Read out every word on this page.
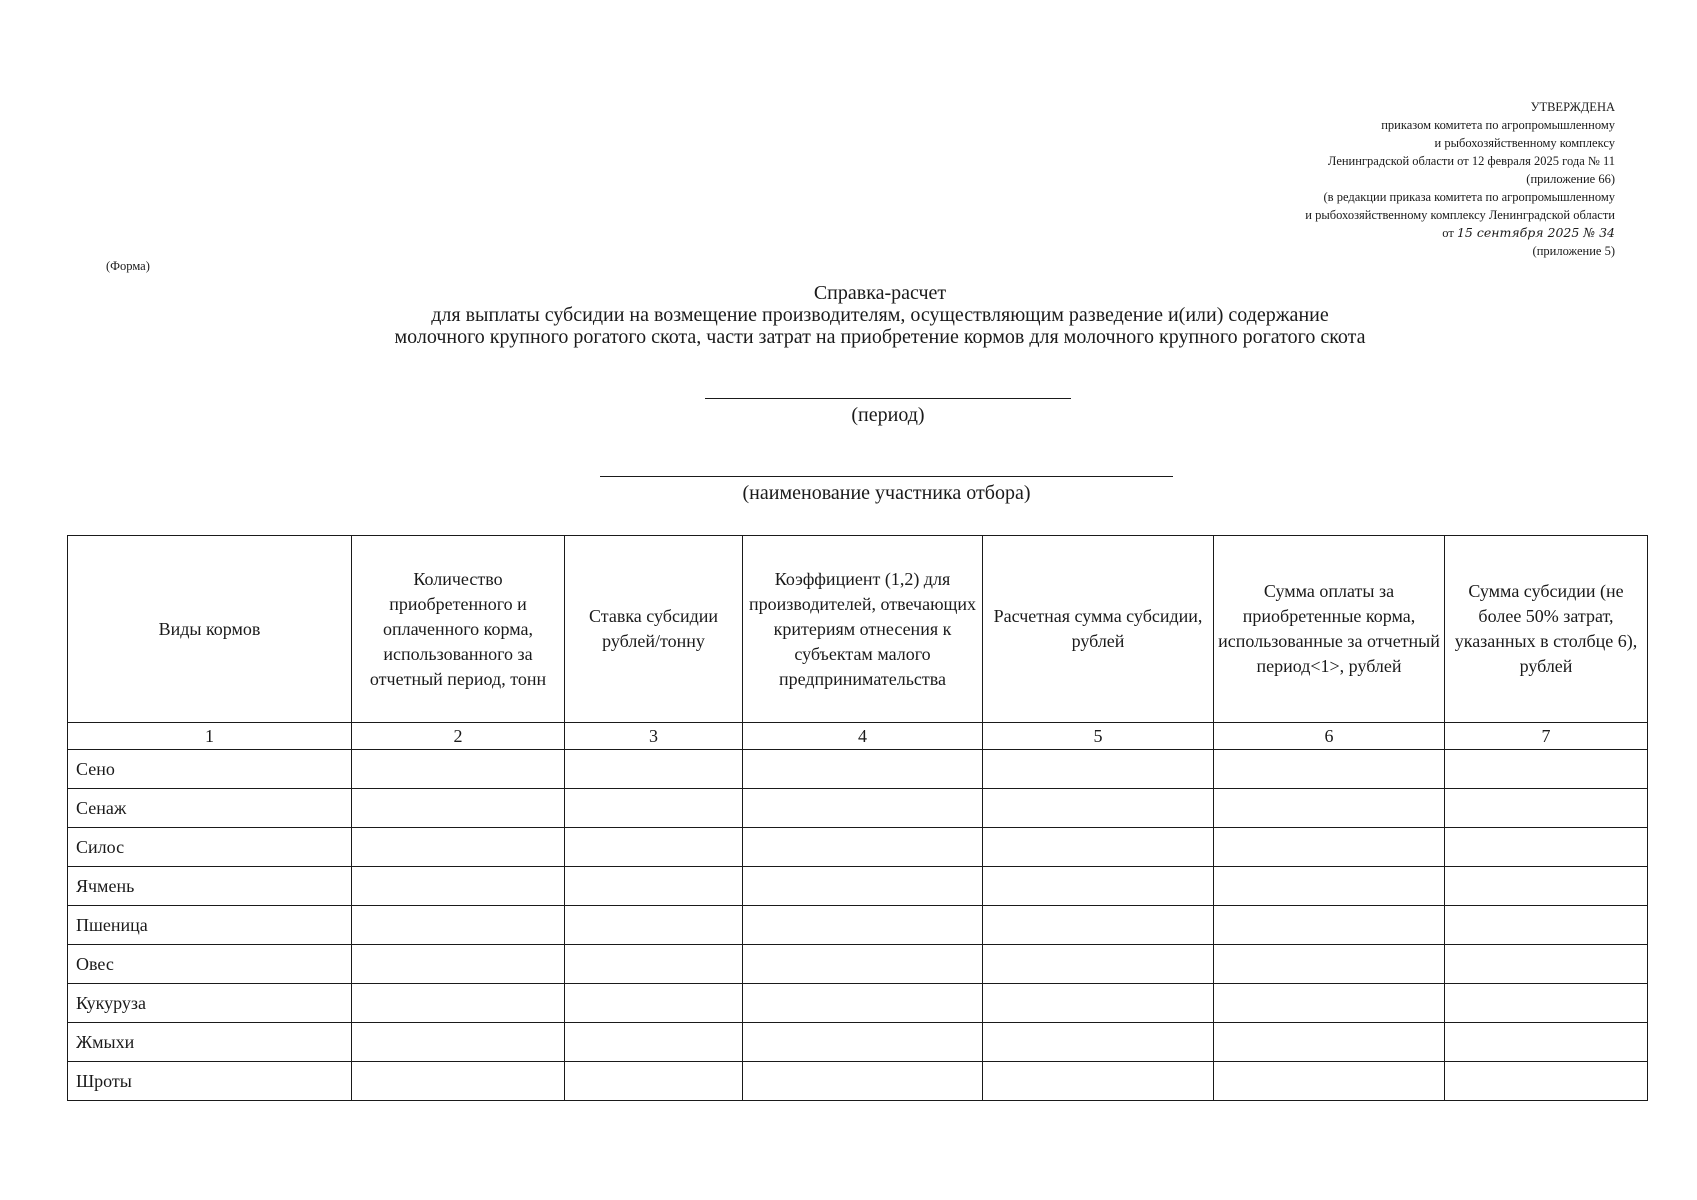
УТВЕРЖДЕНА
приказом комитета по агропромышленному
и рыбохозяйственному комплексу
Ленинградской области от 12 февраля 2025 года № 11
(приложение 66)
(в редакции приказа комитета по агропромышленному
и рыбохозяйственному комплексу Ленинградской области
от 15 сентября 2025 № 34
(приложение 5)
(Форма)
Справка-расчет
для выплаты субсидии на возмещение производителям, осуществляющим разведение и(или) содержание
молочного крупного рогатого скота, части затрат на приобретение кормов для молочного крупного рогатого скота
(период)
(наименование участника отбора)
Виды кормов	Количество приобретенного и оплаченного корма, использованного за отчетный период, тонн	Ставка субсидии рублей/тонну	Коэффициент (1,2) для производителей, отвечающих критериям отнесения к субъектам малого предпринимательства	Расчетная сумма субсидии, рублей	Сумма оплаты за приобретенные корма, использованные за отчетный период<1>, рублей	Сумма субсидии (не более 50% затрат, указанных в столбце 6), рублей
1	2	3	4	5	6	7
Сено						
Сенаж						
Силос						
Ячмень						
Пшеница						
Овес						
Кукуруза						
Жмыхи						
Шроты						
